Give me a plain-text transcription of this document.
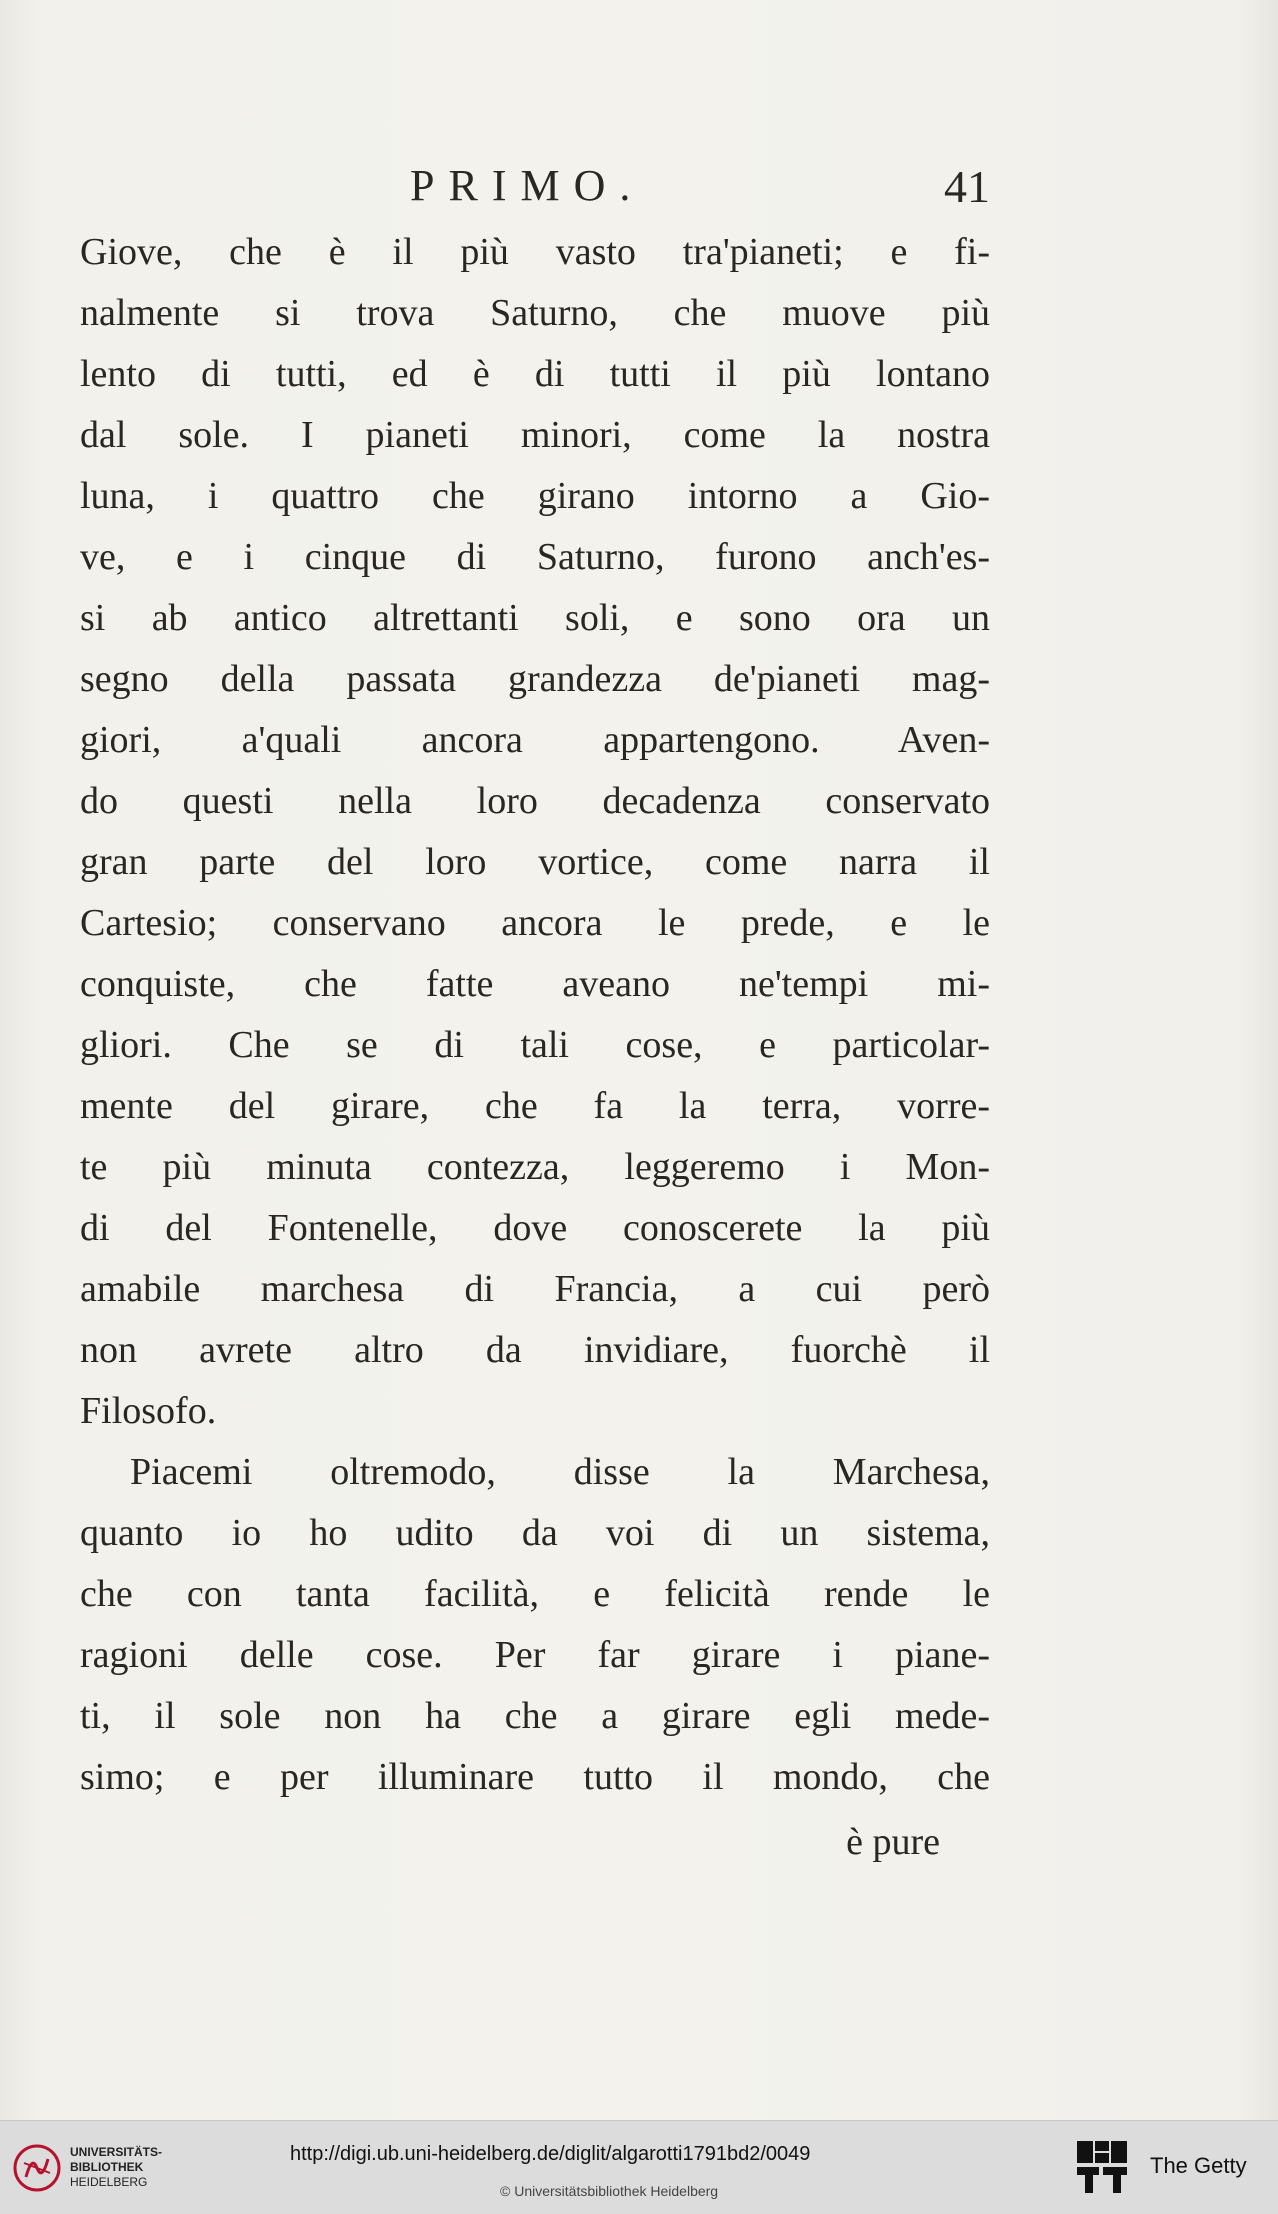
PRIMO.	41
Giove, che è il più vasto tra'pianeti; e fi-
nalmente si trova Saturno, che muove più
lento di tutti, ed è di tutti il più lontano
dal sole. I pianeti minori, come la nostra
luna, i quattro che girano intorno a Gio-
ve, e i cinque di Saturno, furono anch'es-
si ab antico altrettanti soli, e sono ora un
segno della passata grandezza de'pianeti mag-
giori, a'quali ancora appartengono. Aven-
do questi nella loro decadenza conservato
gran parte del loro vortice, come narra il
Cartesio; conservano ancora le prede, e le
conquiste, che fatte aveano ne'tempi mi-
gliori. Che se di tali cose, e particolar-
mente del girare, che fa la terra, vorre-
te più minuta contezza, leggeremo i Mon-
di del Fontenelle, dove conoscerete la più
amabile marchesa di Francia, a cui però
non avrete altro da invidiare, fuorchè il
Filosofo.
Piacemi oltremodo, disse la Marchesa,
quanto io ho udito da voi di un sistema,
che con tanta facilità, e felicità rende le
ragioni delle cose. Per far girare i piane-
ti, il sole non ha che a girare egli mede-
simo; e per illuminare tutto il mondo, che
è pure
UNIVERSITÄTS-
BIBLIOTHEK
HEIDELBERG
http://digi.ub.uni-heidelberg.de/diglit/algarotti1791bd2/0049
© Universitätsbibliothek Heidelberg
The Getty
